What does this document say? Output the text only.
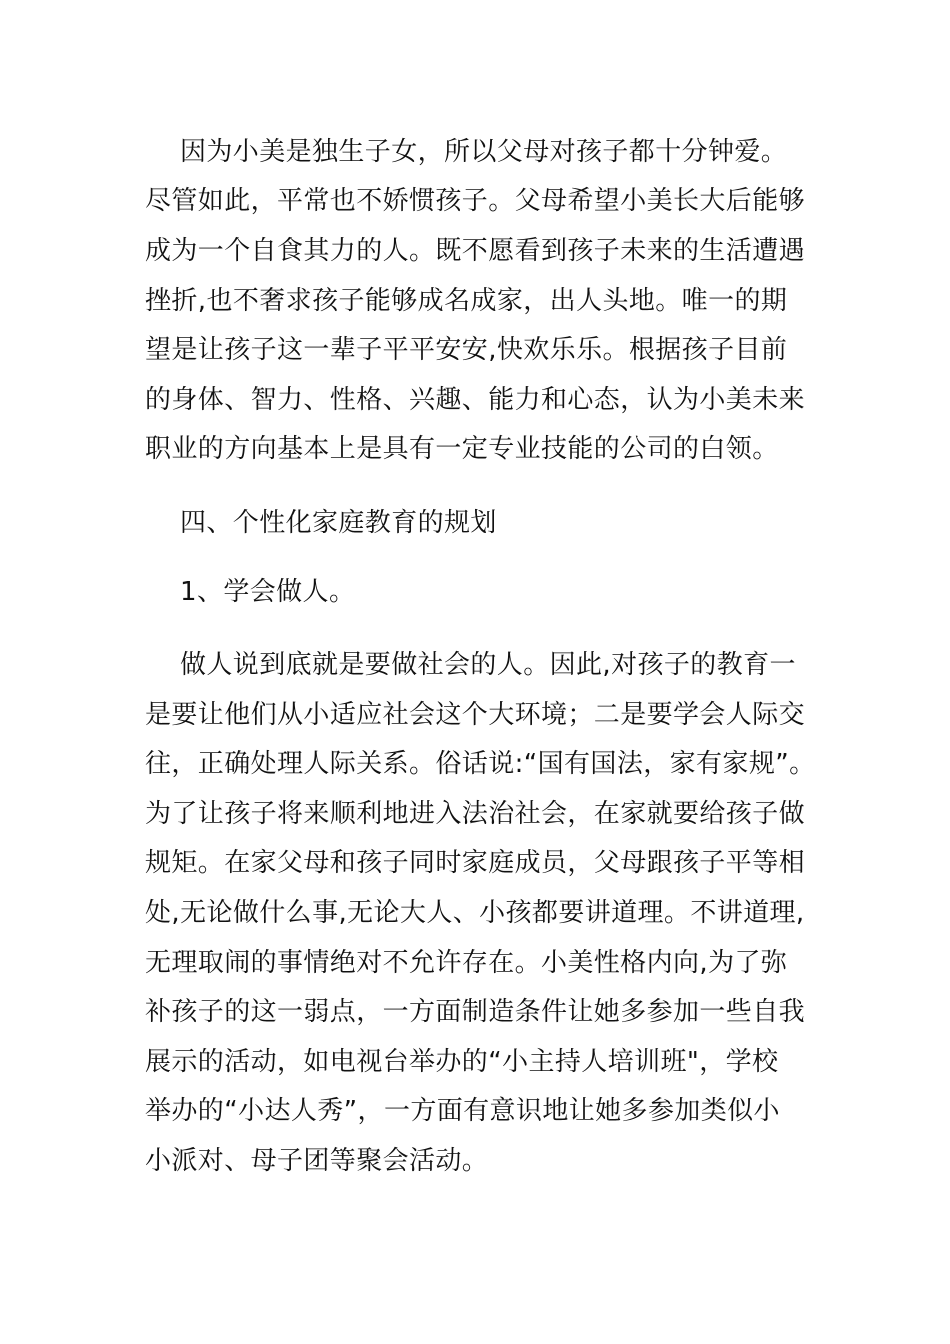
因为小美是独生子女，所以父母对孩子都十分钟爱。
尽管如此，平常也不娇惯孩子。父母希望小美长大后能够
成为一个自食其力的人。既不愿看到孩子未来的生活遭遇
挫折,也不奢求孩子能够成名成家，出人头地。唯一的期
望是让孩子这一辈子平平安安,快欢乐乐。根据孩子目前
的身体、智力、性格、兴趣、能力和心态，认为小美未来
职业的方向基本上是具有一定专业技能的公司的白领。
四、个性化家庭教育的规划
1、学会做人。
做人说到底就是要做社会的人。因此,对孩子的教育一
是要让他们从小适应社会这个大环境；二是要学会人际交
往，正确处理人际关系。俗话说:“国有国法，家有家规”。
为了让孩子将来顺利地进入法治社会，在家就要给孩子做
规矩。在家父母和孩子同时家庭成员，父母跟孩子平等相
处,无论做什么事,无论大人、小孩都要讲道理。不讲道理,
无理取闹的事情绝对不允许存在。小美性格内向,为了弥
补孩子的这一弱点，一方面制造条件让她多参加一些自我
展示的活动，如电视台举办的“小主持人培训班"，学校
举办的“小达人秀”，一方面有意识地让她多参加类似小
小派对、母子团等聚会活动。
